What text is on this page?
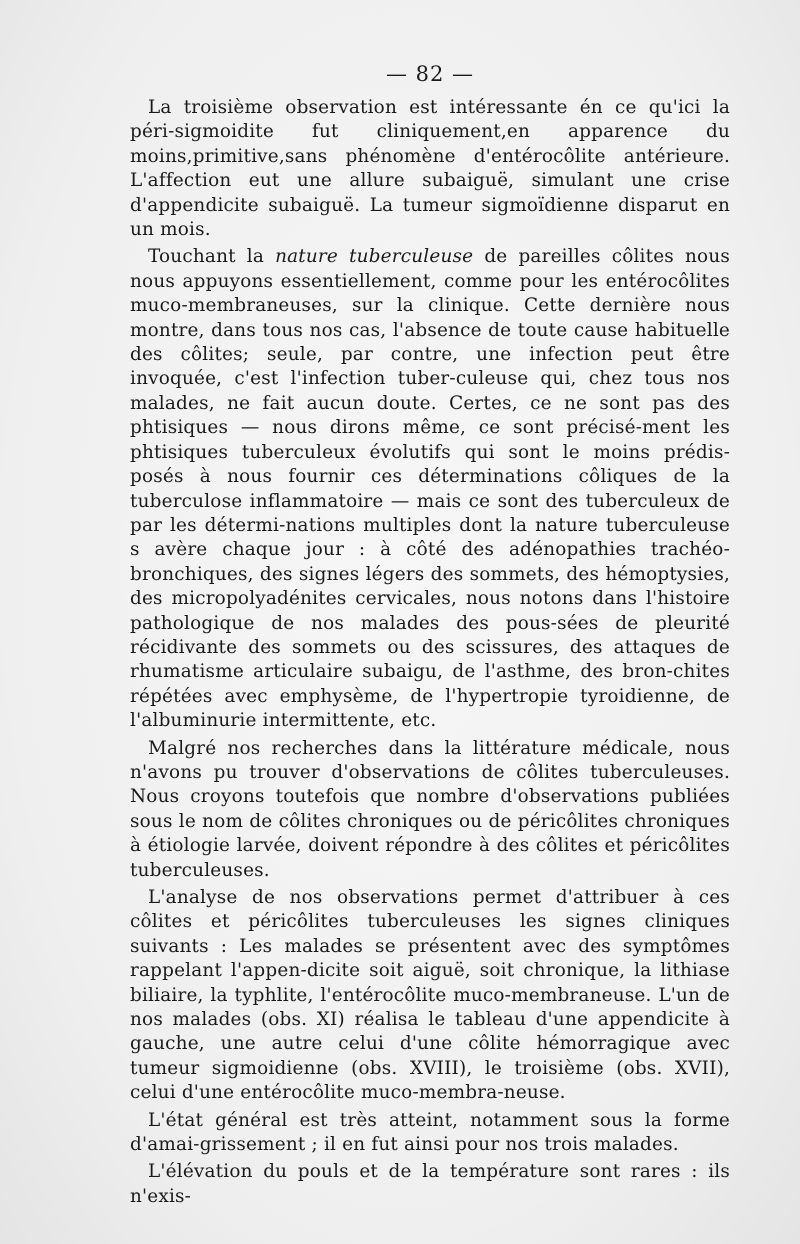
— 82 —

La troisième observation est intéressante én ce qu'ici la péri-sigmoidite fut cliniquement,en apparence du moins,primitive,sans phénomène d'entérocôlite antérieure. L'affection eut une allure subaiguë, simulant une crise d'appendicite subaiguë. La tumeur sigmoïdienne disparut en un mois.

Touchant la nature tuberculeuse de pareilles côlites nous nous appuyons essentiellement, comme pour les entérocôlites muco-membraneuses, sur la clinique. Cette dernière nous montre, dans tous nos cas, l'absence de toute cause habituelle des côlites; seule, par contre, une infection peut être invoquée, c'est l'infection tuber-culeuse qui, chez tous nos malades, ne fait aucun doute. Certes, ce ne sont pas des phtisiques — nous dirons même, ce sont précisé-ment les phtisiques tuberculeux évolutifs qui sont le moins prédis-posés à nous fournir ces déterminations côliques de la tuberculose inflammatoire — mais ce sont des tuberculeux de par les détermi-nations multiples dont la nature tuberculeuse s avère chaque jour : à côté des adénopathies trachéo-bronchiques, des signes légers des sommets, des hémoptysies, des micropolyadénites cervicales, nous notons dans l'histoire pathologique de nos malades des pous-sées de pleurité récidivante des sommets ou des scissures, des attaques de rhumatisme articulaire subaigu, de l'asthme, des bron-chites répétées avec emphysème, de l'hypertropie tyroidienne, de l'albuminurie intermittente, etc.

Malgré nos recherches dans la littérature médicale, nous n'avons pu trouver d'observations de côlites tuberculeuses. Nous croyons toutefois que nombre d'observations publiées sous le nom de côlites chroniques ou de péricôlites chroniques à étiologie larvée, doivent répondre à des côlites et péricôlites tuberculeuses.

L'analyse de nos observations permet d'attribuer à ces côlites et péricôlites tuberculeuses les signes cliniques suivants : Les malades se présentent avec des symptômes rappelant l'appen-dicite soit aiguë, soit chronique, la lithiase biliaire, la typhlite, l'entérocôlite muco-membraneuse. L'un de nos malades (obs. XI) réalisa le tableau d'une appendicite à gauche, une autre celui d'une côlite hémorragique avec tumeur sigmoidienne (obs. XVIII), le troisième (obs. XVII), celui d'une entérocôlite muco-membra-neuse.

L'état général est très atteint, notamment sous la forme d'amai-grissement ; il en fut ainsi pour nos trois malades.

L'élévation du pouls et de la température sont rares : ils n'exis-
